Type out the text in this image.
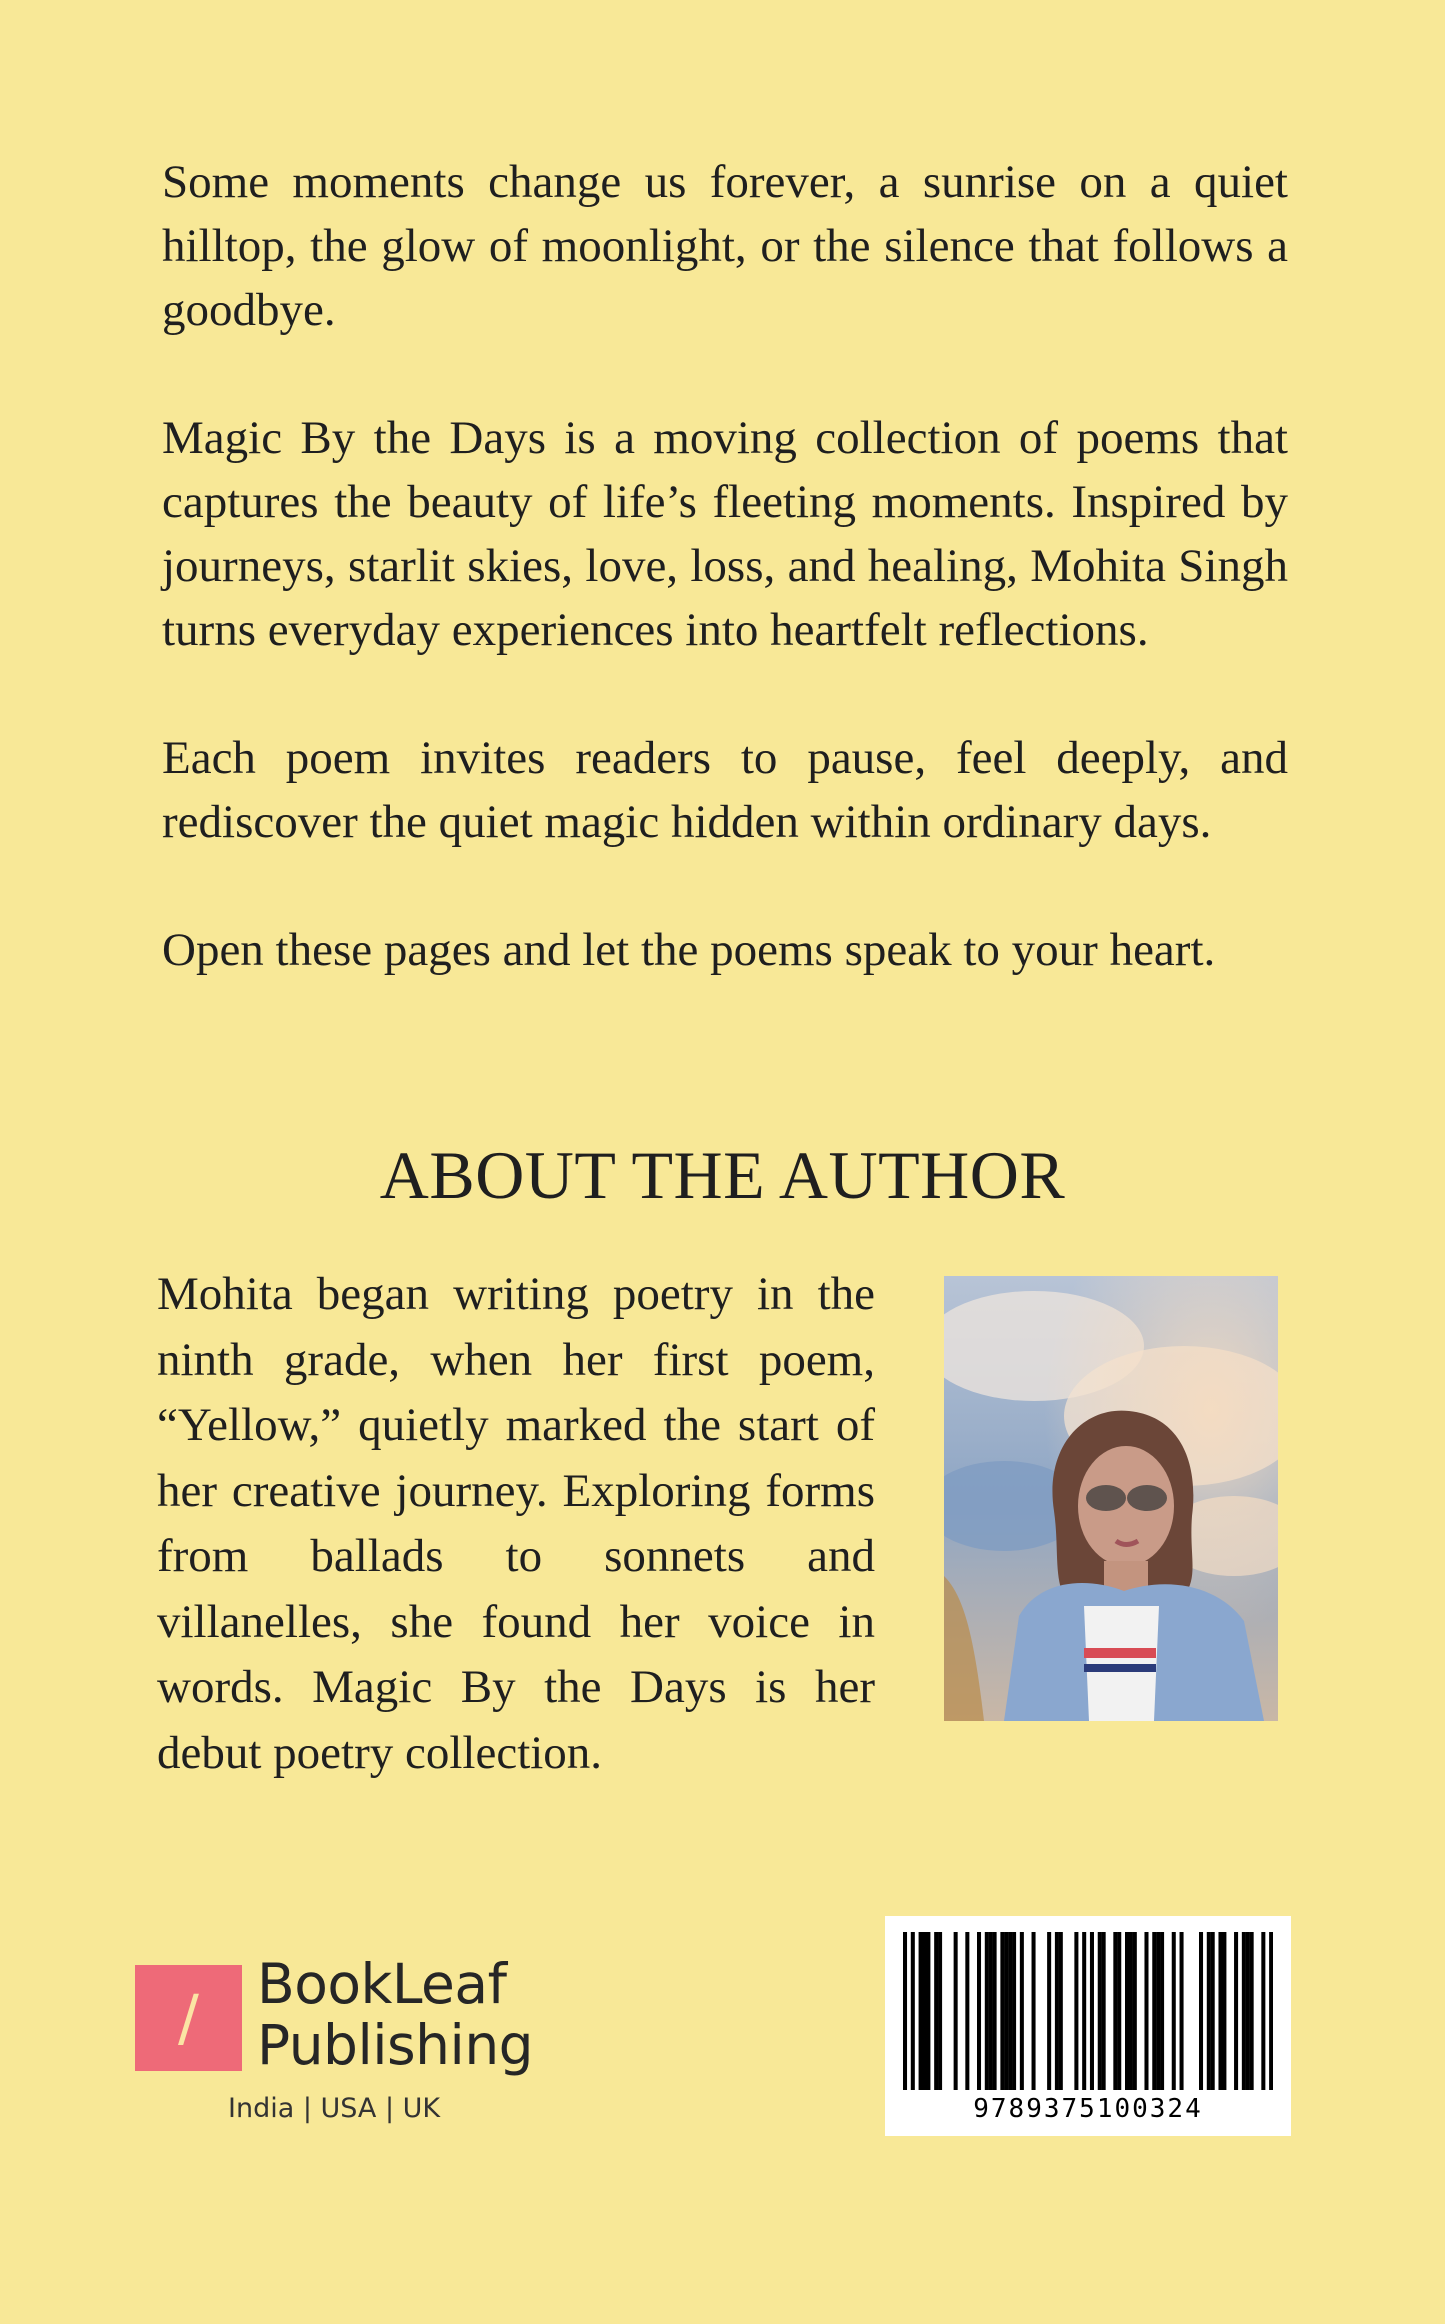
Some moments change us forever, a sunrise on a quiet hilltop, the glow of moonlight, or the silence that follows a goodbye.

Magic By the Days is a moving collection of poems that captures the beauty of life’s fleeting moments. Inspired by journeys, starlit skies, love, loss, and healing, Mohita Singh turns everyday experiences into heartfelt reflections.

Each poem invites readers to pause, feel deeply, and rediscover the quiet magic hidden within ordinary days.

Open these pages and let the poems speak to your heart.

ABOUT THE AUTHOR

Mohita began writing poetry in the ninth grade, when her first poem, “Yellow,” quietly marked the start of her creative journey. Exploring forms from ballads to sonnets and villanelles, she found her voice in words. Magic By the Days is her debut poetry collection.

/	BookLeaf
Publishing
India | USA | UK	9789375100324
